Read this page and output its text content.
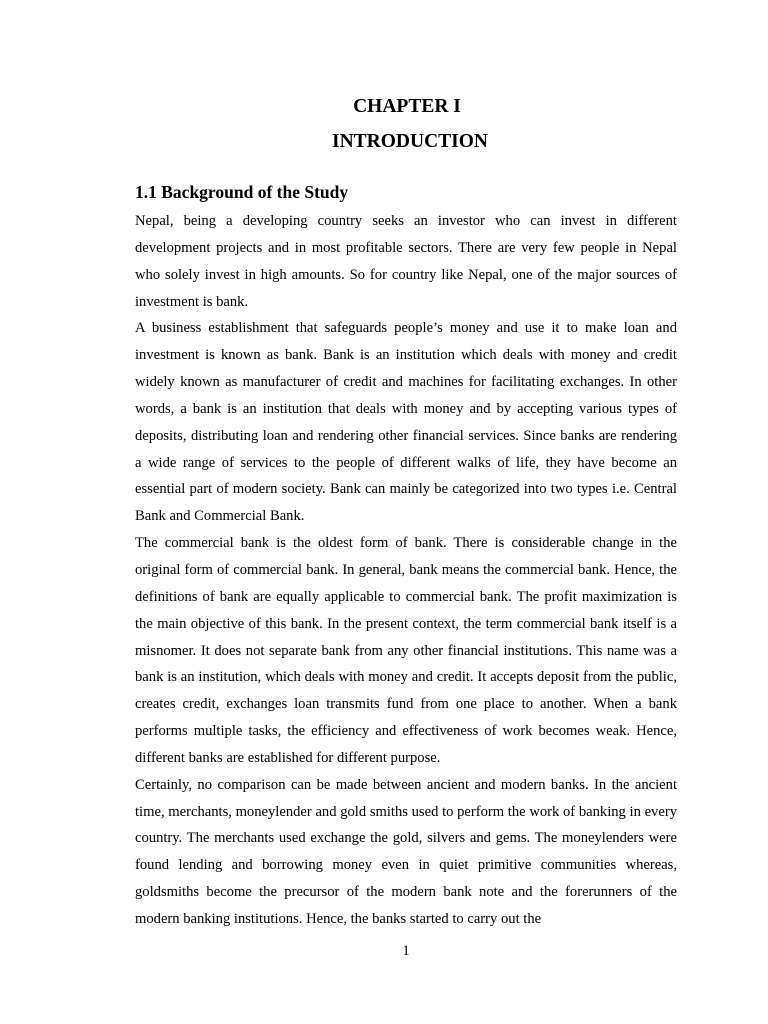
CHAPTER I
INTRODUCTION
1.1 Background of the Study

Nepal, being a developing country seeks an investor who can invest in different development projects and in most profitable sectors. There are very few people in Nepal who solely invest in high amounts. So for country like Nepal, one of the major sources of investment is bank.

A business establishment that safeguards people’s money and use it to make loan and investment is known as bank. Bank is an institution which deals with money and credit widely known as manufacturer of credit and machines for facilitating exchanges. In other words, a bank is an institution that deals with money and by accepting various types of deposits, distributing loan and rendering other financial services. Since banks are rendering a wide range of services to the people of different walks of life, they have become an essential part of modern society. Bank can mainly be categorized into two types i.e. Central Bank and Commercial Bank.

The commercial bank is the oldest form of bank. There is considerable change in the original form of commercial bank. In general, bank means the commercial bank. Hence, the definitions of bank are equally applicable to commercial bank. The profit maximization is the main objective of this bank. In the present context, the term commercial bank itself is a misnomer. It does not separate bank from any other financial institutions. This name was a bank is an institution, which deals with money and credit. It accepts deposit from the public, creates credit, exchanges loan transmits fund from one place to another. When a bank performs multiple tasks, the efficiency and effectiveness of work becomes weak. Hence, different banks are established for different purpose.

Certainly, no comparison can be made between ancient and modern banks. In the ancient time, merchants, moneylender and gold smiths used to perform the work of banking in every country. The merchants used exchange the gold, silvers and gems. The moneylenders were found lending and borrowing money even in quiet primitive communities whereas, goldsmiths become the precursor of the modern bank note and the forerunners of the modern banking institutions. Hence, the banks started to carry out the

1
